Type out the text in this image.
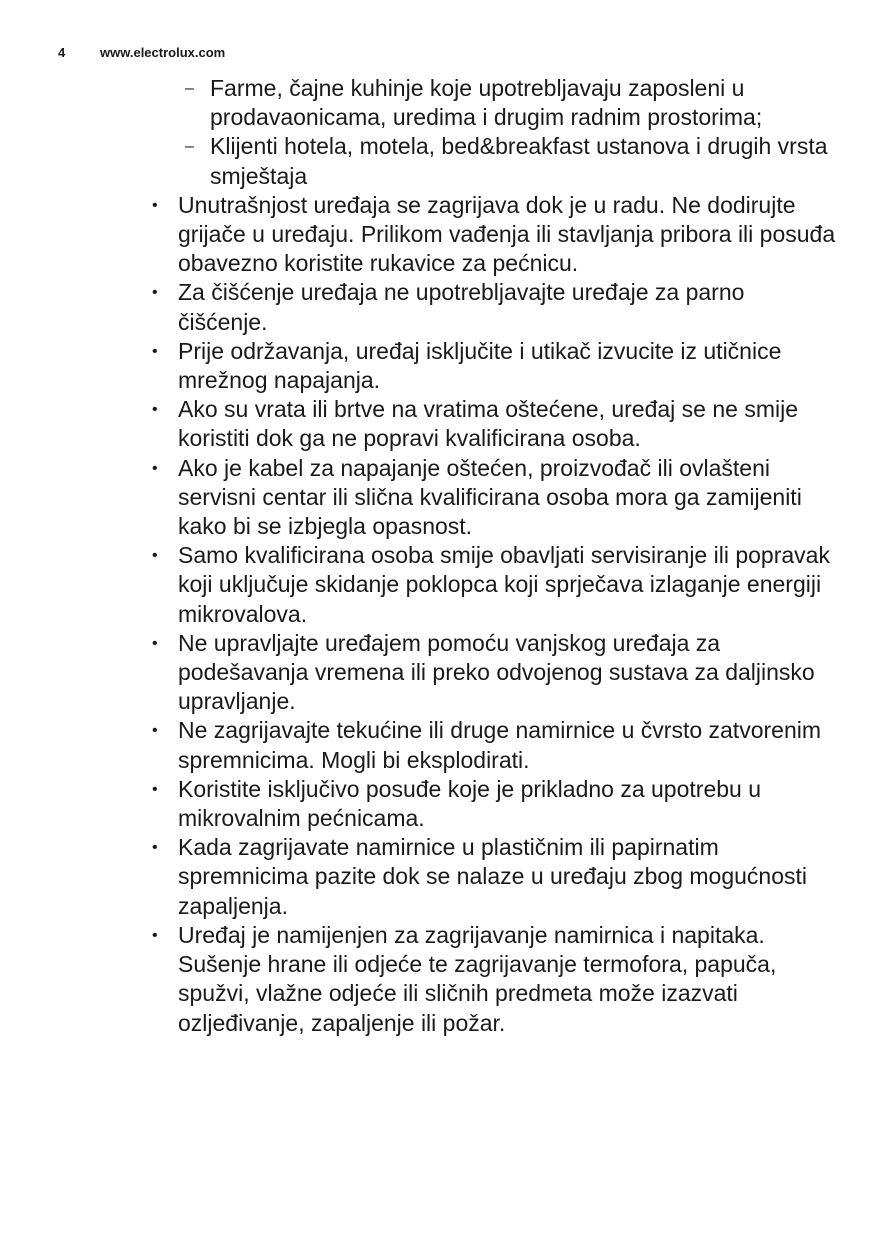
4	www.electrolux.com
– Farme, čajne kuhinje koje upotrebljavaju zaposleni u prodavaonicama, uredima i drugim radnim prostorima;
– Klijenti hotela, motela, bed&breakfast ustanova i drugih vrsta smještaja
• Unutrašnjost uređaja se zagrijava dok je u radu. Ne dodirujte grijače u uređaju. Prilikom vađenja ili stavljanja pribora ili posuđa obavezno koristite rukavice za pećnicu.
• Za čišćenje uređaja ne upotrebljavajte uređaje za parno čišćenje.
• Prije održavanja, uređaj isključite i utikač izvucite iz utičnice mrežnog napajanja.
• Ako su vrata ili brtve na vratima oštećene, uređaj se ne smije koristiti dok ga ne popravi kvalificirana osoba.
• Ako je kabel za napajanje oštećen, proizvođač ili ovlašteni servisni centar ili slična kvalificirana osoba mora ga zamijeniti kako bi se izbjegla opasnost.
• Samo kvalificirana osoba smije obavljati servisiranje ili popravak koji uključuje skidanje poklopca koji sprječava izlaganje energiji mikrovalova.
• Ne upravljajte uređajem pomoću vanjskog uređaja za podešavanja vremena ili preko odvojenog sustava za daljinsko upravljanje.
• Ne zagrijavajte tekućine ili druge namirnice u čvrsto zatvorenim spremnicima. Mogli bi eksplodirati.
• Koristite isključivo posuđe koje je prikladno za upotrebu u mikrovalnim pećnicama.
• Kada zagrijavate namirnice u plastičnim ili papirnatim spremnicima pazite dok se nalaze u uređaju zbog mogućnosti zapaljenja.
• Uređaj je namijenjen za zagrijavanje namirnica i napitaka. Sušenje hrane ili odjeće te zagrijavanje termofora, papuča, spužvi, vlažne odjeće ili sličnih predmeta može izazvati ozljeđivanje, zapaljenje ili požar.
